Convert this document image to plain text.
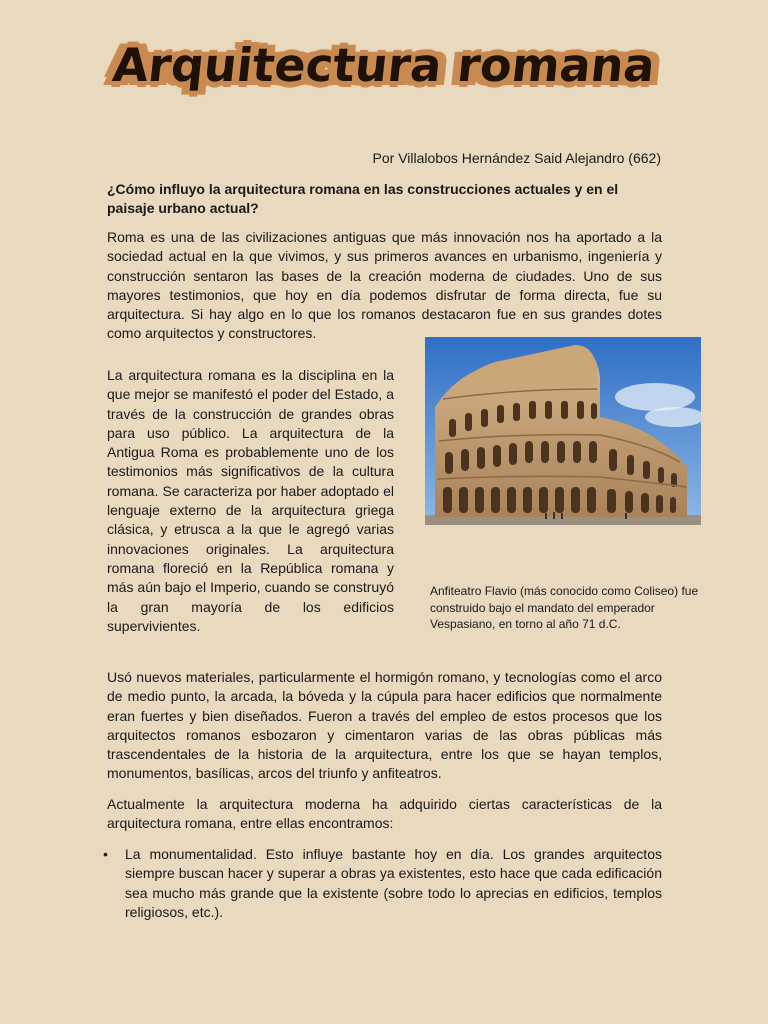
Arquitectura romana
Por Villalobos Hernández Said Alejandro (662)
¿Cómo influyo la arquitectura romana en las construcciones actuales y en el paisaje urbano actual?
Roma es una de las civilizaciones antiguas que más innovación nos ha aportado a la sociedad actual en la que vivimos, y sus primeros avances en urbanismo, ingeniería y construcción sentaron las bases de la creación moderna de ciudades. Uno de sus mayores testimonios, que hoy en día podemos disfrutar de forma directa, fue su arquitectura. Si hay algo en lo que los romanos destacaron fue en sus grandes dotes como arquitectos y constructores.
La arquitectura romana es la disciplina en la que mejor se manifestó el poder del Estado, a través de la construcción de grandes obras para uso público. La arquitectura de la Antigua Roma es probablemente uno de los testimonios más significativos de la cultura romana. Se caracteriza por haber adoptado el lenguaje externo de la arquitectura griega clásica, y etrusca a la que le agregó varias innovaciones originales. La arquitectura romana floreció en la República romana y más aún bajo el Imperio, cuando se construyó la gran mayoría de los edificios supervivientes.
Anfiteatro Flavio (más conocido como Coliseo) fue construido bajo el mandato del emperador Vespasiano, en torno al año 71 d.C.
Usó nuevos materiales, particularmente el hormigón romano, y tecnologías como el arco de medio punto, la arcada, la bóveda y la cúpula para hacer edificios que normalmente eran fuertes y bien diseñados. Fueron a través del empleo de estos procesos que los arquitectos romanos esbozaron y cimentaron varias de las obras públicas más trascendentales de la historia de la arquitectura, entre los que se hayan templos, monumentos, basílicas, arcos del triunfo y anfiteatros.
Actualmente la arquitectura moderna ha adquirido ciertas características de la arquitectura romana, entre ellas encontramos:
• La monumentalidad. Esto influye bastante hoy en día. Los grandes arquitectos siempre buscan hacer y superar a obras ya existentes, esto hace que cada edificación sea mucho más grande que la existente (sobre todo lo aprecias en edificios, templos religiosos, etc.).
